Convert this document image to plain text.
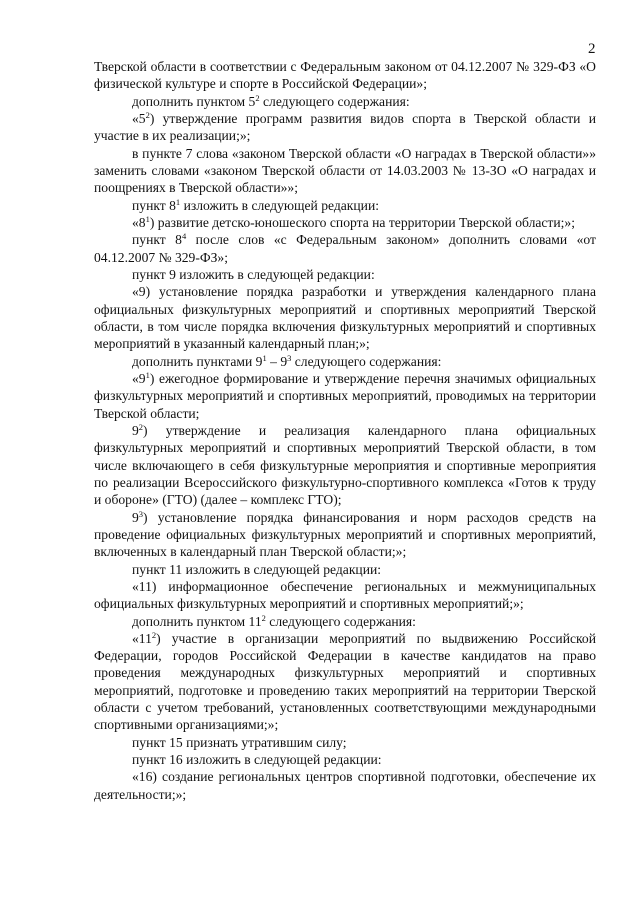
2

Тверской области в соответствии с Федеральным законом от 04.12.2007 № 329-ФЗ «О физической культуре и спорте в Российской Федерации»;

дополнить пунктом $5^2$ следующего содержания:

«$5^2$) утверждение программ развития видов спорта в Тверской области и участие в их реализации;»;

в пункте 7 слова «законом Тверской области «О наградах в Тверской области»» заменить словами «законом Тверской области от 14.03.2003 № 13-ЗО «О наградах и поощрениях в Тверской области»»;

пункт $8^1$ изложить в следующей редакции:

«$8^1$) развитие детско-юношеского спорта на территории Тверской области;»;

пункт $8^4$ после слов «с Федеральным законом» дополнить словами «от 04.12.2007 № 329-ФЗ»;

пункт 9 изложить в следующей редакции:

«9) установление порядка разработки и утверждения календарного плана официальных физкультурных мероприятий и спортивных мероприятий Тверской области, в том числе порядка включения физкультурных мероприятий и спортивных мероприятий в указанный календарный план;»;

дополнить пунктами $9^1 - 9^3$ следующего содержания:

«$9^1$) ежегодное формирование и утверждение перечня значимых официальных физкультурных мероприятий и спортивных мероприятий, проводимых на территории Тверской области;

$9^2$) утверждение и реализация календарного плана официальных физкультурных мероприятий и спортивных мероприятий Тверской области, в том числе включающего в себя физкультурные мероприятия и спортивные мероприятия по реализации Всероссийского физкультурно-спортивного комплекса «Готов к труду и обороне» (ГТО) (далее – комплекс ГТО);

$9^3$) установление порядка финансирования и норм расходов средств на проведение официальных физкультурных мероприятий и спортивных мероприятий, включенных в календарный план Тверской области;»;

пункт 11 изложить в следующей редакции:

«11) информационное обеспечение региональных и межмуниципальных официальных физкультурных мероприятий и спортивных мероприятий;»;

дополнить пунктом $11^2$ следующего содержания:

«$11^2$) участие в организации мероприятий по выдвижению Российской Федерации, городов Российской Федерации в качестве кандидатов на право проведения международных физкультурных мероприятий и спортивных мероприятий, подготовке и проведению таких мероприятий на территории Тверской области с учетом требований, установленных соответствующими международными спортивными организациями;»;

пункт 15 признать утратившим силу;

пункт 16 изложить в следующей редакции:

«16) создание региональных центров спортивной подготовки, обеспечение их деятельности;»;
